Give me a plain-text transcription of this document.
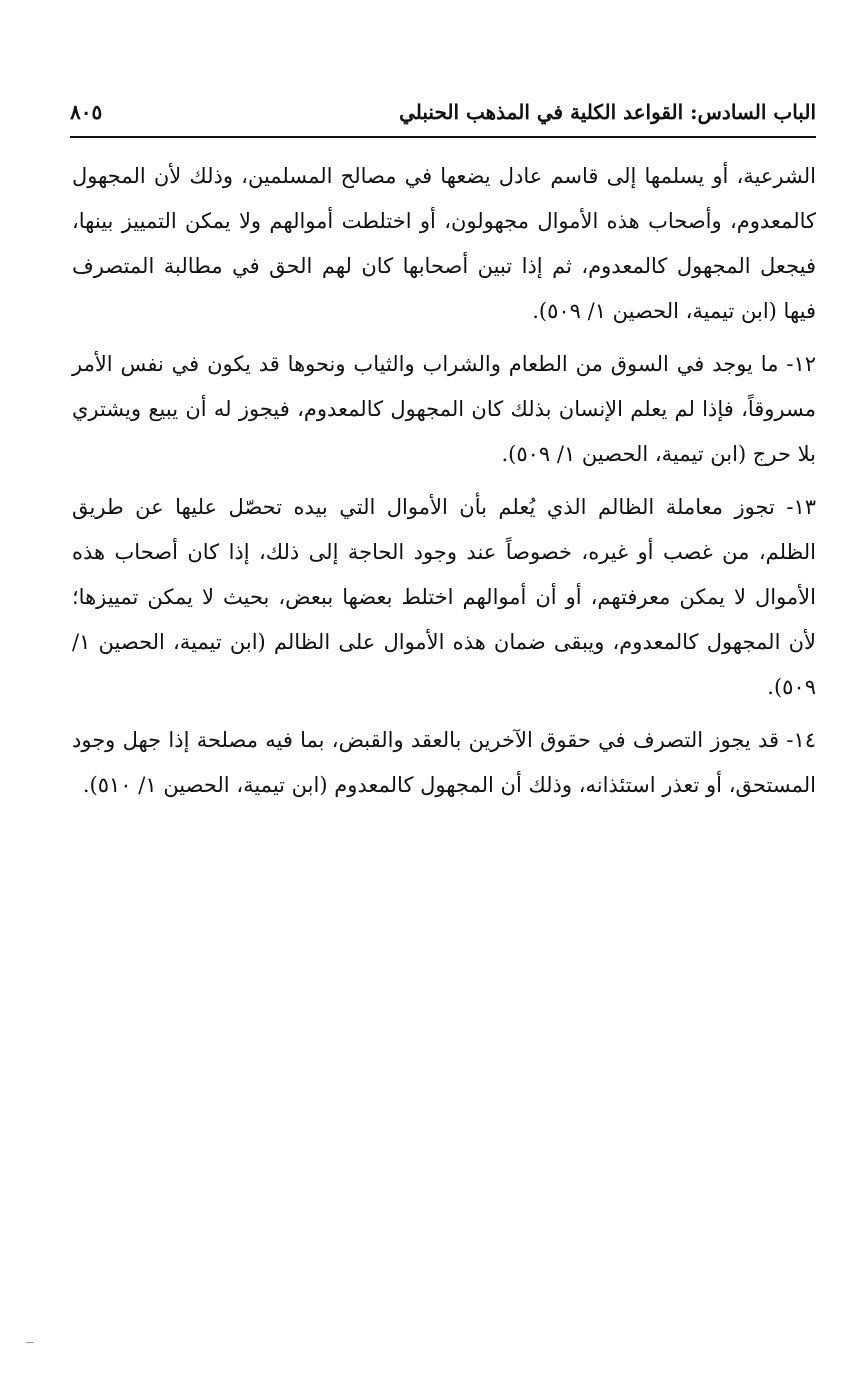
الباب السادس: القواعد الكلية في المذهب الحنبلي
٨٠٥

الشرعية، أو يسلمها إلى قاسم عادل يضعها في مصالح المسلمين، وذلك لأن المجهول كالمعدوم، وأصحاب هذه الأموال مجهولون، أو اختلطت أموالهم ولا يمكن التمييز بينها، فيجعل المجهول كالمعدوم، ثم إذا تبين أصحابها كان لهم الحق في مطالبة المتصرف فيها (ابن تيمية، الحصين ١/ ٥٠٩).

١٢- ما يوجد في السوق من الطعام والشراب والثياب ونحوها قد يكون في نفس الأمر مسروقاً، فإذا لم يعلم الإنسان بذلك كان المجهول كالمعدوم، فيجوز له أن يبيع ويشتري بلا حرج (ابن تيمية، الحصين ١/ ٥٠٩).

١٣- تجوز معاملة الظالم الذي يُعلم بأن الأموال التي بيده تحصّل عليها عن طريق الظلم، من غصب أو غيره، خصوصاً عند وجود الحاجة إلى ذلك، إذا كان أصحاب هذه الأموال لا يمكن معرفتهم، أو أن أموالهم اختلط بعضها ببعض، بحيث لا يمكن تمييزها؛ لأن المجهول كالمعدوم، ويبقى ضمان هذه الأموال على الظالم (ابن تيمية، الحصين ١/ ٥٠٩).

١٤- قد يجوز التصرف في حقوق الآخرين بالعقد والقبض، بما فيه مصلحة إذا جهل وجود المستحق، أو تعذر استئذانه، وذلك أن المجهول كالمعدوم (ابن تيمية، الحصين ١/ ٥١٠).
